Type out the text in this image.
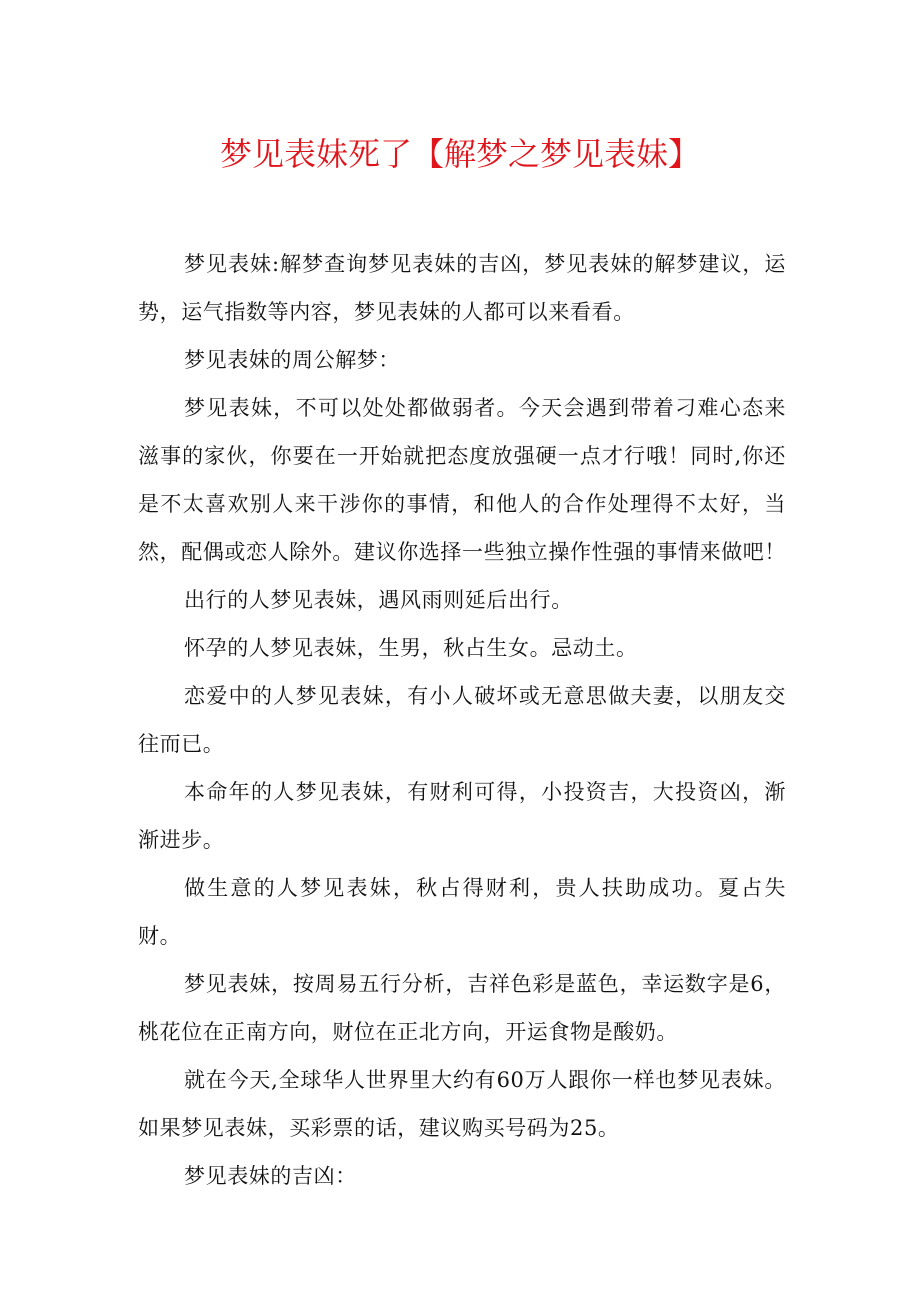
梦见表妹死了【解梦之梦见表妹】

梦见表妹:解梦查询梦见表妹的吉凶，梦见表妹的解梦建议，运势，运气指数等内容，梦见表妹的人都可以来看看。

梦见表妹的周公解梦：

梦见表妹，不可以处处都做弱者。今天会遇到带着刁难心态来滋事的家伙，你要在一开始就把态度放强硬一点才行哦！同时,你还是不太喜欢别人来干涉你的事情，和他人的合作处理得不太好，当然，配偶或恋人除外。建议你选择一些独立操作性强的事情来做吧！

出行的人梦见表妹，遇风雨则延后出行。

怀孕的人梦见表妹，生男，秋占生女。忌动土。

恋爱中的人梦见表妹，有小人破坏或无意思做夫妻，以朋友交往而已。

本命年的人梦见表妹，有财利可得，小投资吉，大投资凶，渐渐进步。

做生意的人梦见表妹，秋占得财利，贵人扶助成功。夏占失财。

梦见表妹，按周易五行分析，吉祥色彩是蓝色，幸运数字是6，桃花位在正南方向，财位在正北方向，开运食物是酸奶。

就在今天,全球华人世界里大约有60万人跟你一样也梦见表妹。如果梦见表妹，买彩票的话，建议购买号码为25。

梦见表妹的吉凶：
